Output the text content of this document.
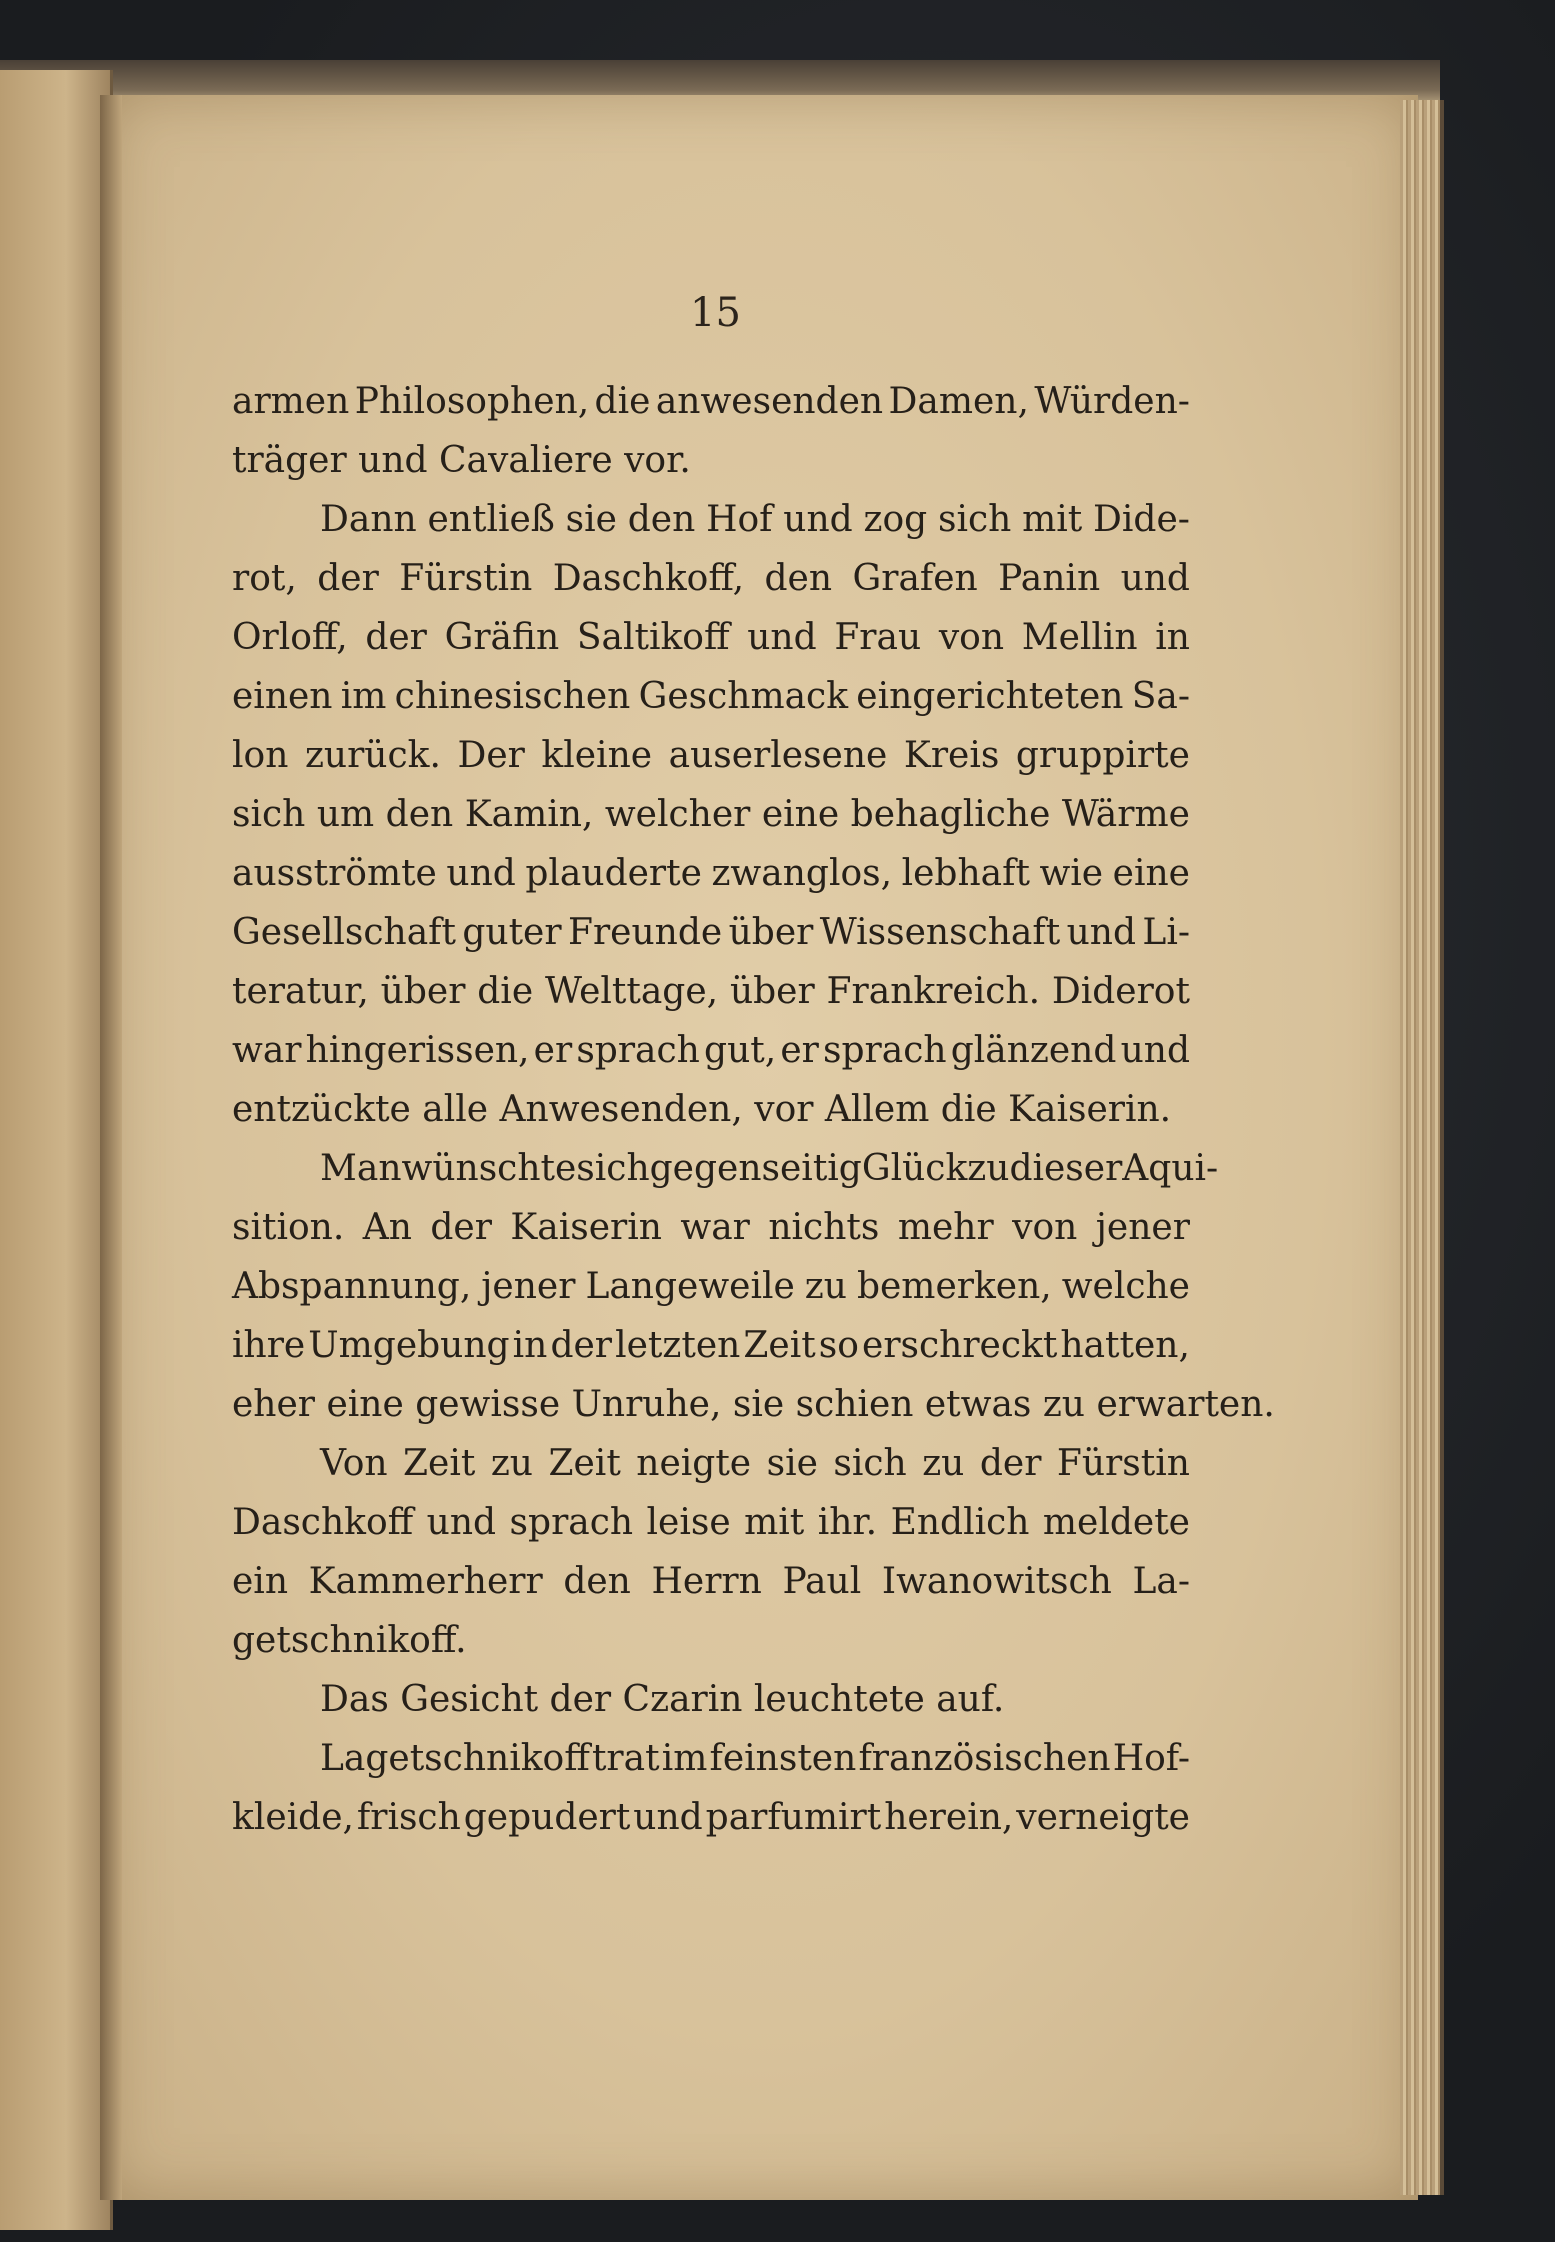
15
armen Philosophen, die anwesenden Damen, Würden-
träger und Cavaliere vor.
Dann entließ sie den Hof und zog sich mit Dide-
rot, der Fürstin Daschkoff, den Grafen Panin und
Orloff, der Gräfin Saltikoff und Frau von Mellin in
einen im chinesischen Geschmack eingerichteten Sa-
lon zurück. Der kleine auserlesene Kreis gruppirte
sich um den Kamin, welcher eine behagliche Wärme
ausströmte und plauderte zwanglos, lebhaft wie eine
Gesellschaft guter Freunde über Wissenschaft und Li-
teratur, über die Welttage, über Frankreich. Diderot
war hingerissen, er sprach gut, er sprach glänzend und
entzückte alle Anwesenden, vor Allem die Kaiserin.
Man wünschte sich gegenseitig Glück zu dieser Aqui-
sition. An der Kaiserin war nichts mehr von jener
Abspannung, jener Langeweile zu bemerken, welche
ihre Umgebung in der letzten Zeit so erschreckt hatten,
eher eine gewisse Unruhe, sie schien etwas zu erwarten.
Von Zeit zu Zeit neigte sie sich zu der Fürstin
Daschkoff und sprach leise mit ihr. Endlich meldete
ein Kammerherr den Herrn Paul Iwanowitsch La-
getschnikoff.
Das Gesicht der Czarin leuchtete auf.
Lagetschnikoff trat im feinsten französischen Hof-
kleide, frisch gepudert und parfumirt herein, verneigte
